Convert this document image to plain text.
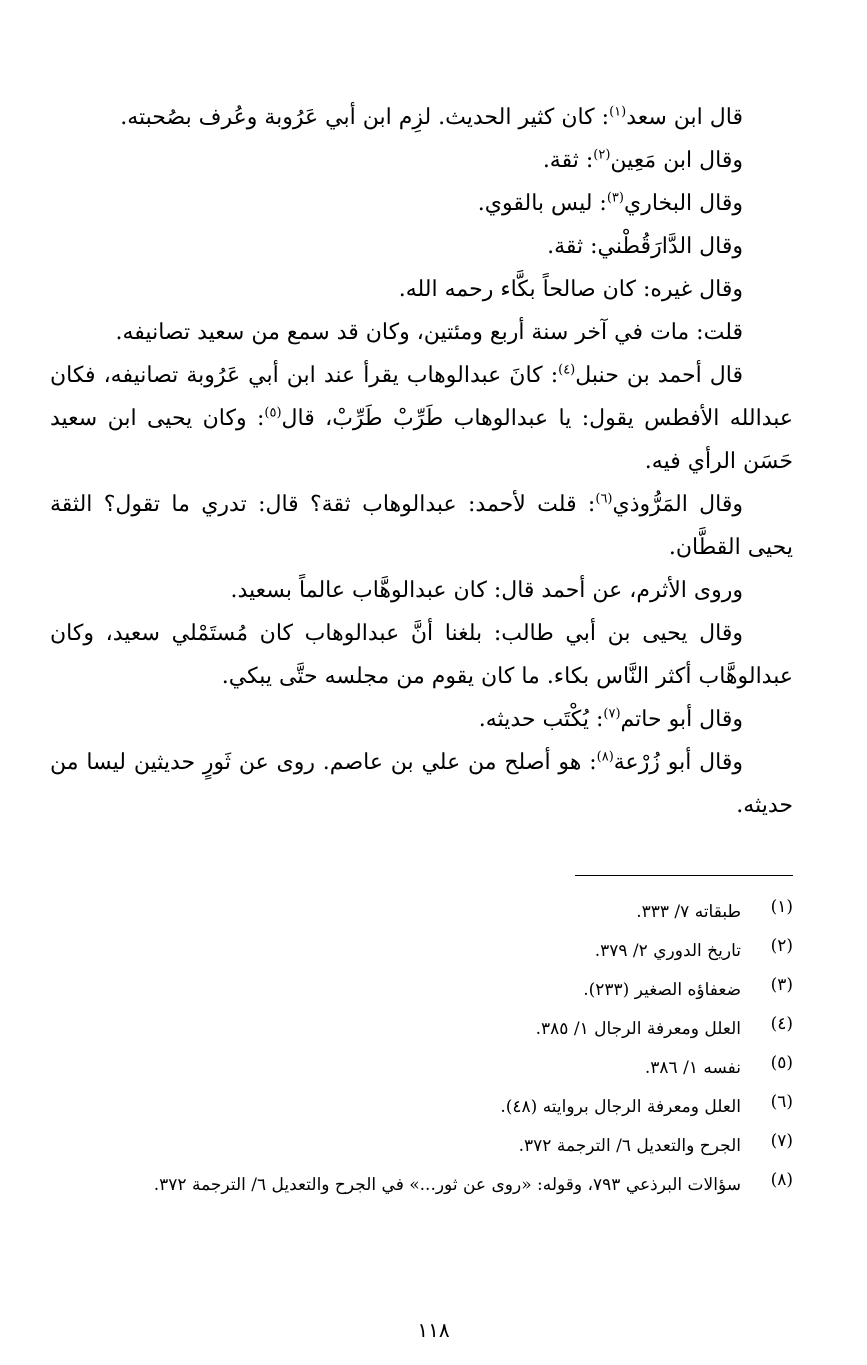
قال ابن سعد$^{(١)}$: كان كثير الحديث. لزِم ابن أبي عَرُوبة وعُرف بصُحبته.

وقال ابن مَعِين$^{(٢)}$: ثقة.

وقال البخاري$^{(٣)}$: ليس بالقوي.

وقال الدَّارَقُطْني: ثقة.

وقال غيره: كان صالحاً بكَّاء رحمه الله.

قلت: مات في آخر سنة أربع ومئتين، وكان قد سمع من سعيد تصانيفه.

قال أحمد بن حنبل$^{(٤)}$: كانَ عبدالوهاب يقرأ عند ابن أبي عَرُوبة تصانيفه، فكان عبدالله الأفطس يقول: يا عبدالوهاب طَرِّبْ طَرِّبْ، قال$^{(٥)}$: وكان يحيى ابن سعيد حَسَن الرأي فيه.

وقال المَرُّوذي$^{(٦)}$: قلت لأحمد: عبدالوهاب ثقة؟ قال: تدري ما تقول؟ الثقة يحيى القطَّان.

وروى الأثرم، عن أحمد قال: كان عبدالوهَّاب عالماً بسعيد.

وقال يحيى بن أبي طالب: بلغنا أنَّ عبدالوهاب كان مُستَمْلي سعيد، وكان عبدالوهَّاب أكثر النَّاس بكاء. ما كان يقوم من مجلسه حتَّى يبكي.

وقال أبو حاتم$^{(٧)}$: يُكْتَب حديثه.

وقال أبو زُرْعة$^{(٨)}$: هو أصلح من علي بن عاصم. روى عن ثَورٍ حديثين ليسا من حديثه.

(١)
طبقاته ٧/ ٣٣٣.
(٢)
تاريخ الدوري ٢/ ٣٧٩.
(٣)
ضعفاؤه الصغير (٢٣٣).
(٤)
العلل ومعرفة الرجال ١/ ٣٨٥.
(٥)
نفسه ١/ ٣٨٦.
(٦)
العلل ومعرفة الرجال بروايته (٤٨).
(٧)
الجرح والتعديل ٦/ الترجمة ٣٧٢.
(٨)
سؤالات البرذعي ٧٩٣، وقوله: «روى عن ثور...» في الجرح والتعديل ٦/ الترجمة ٣٧٢.
١١٨
